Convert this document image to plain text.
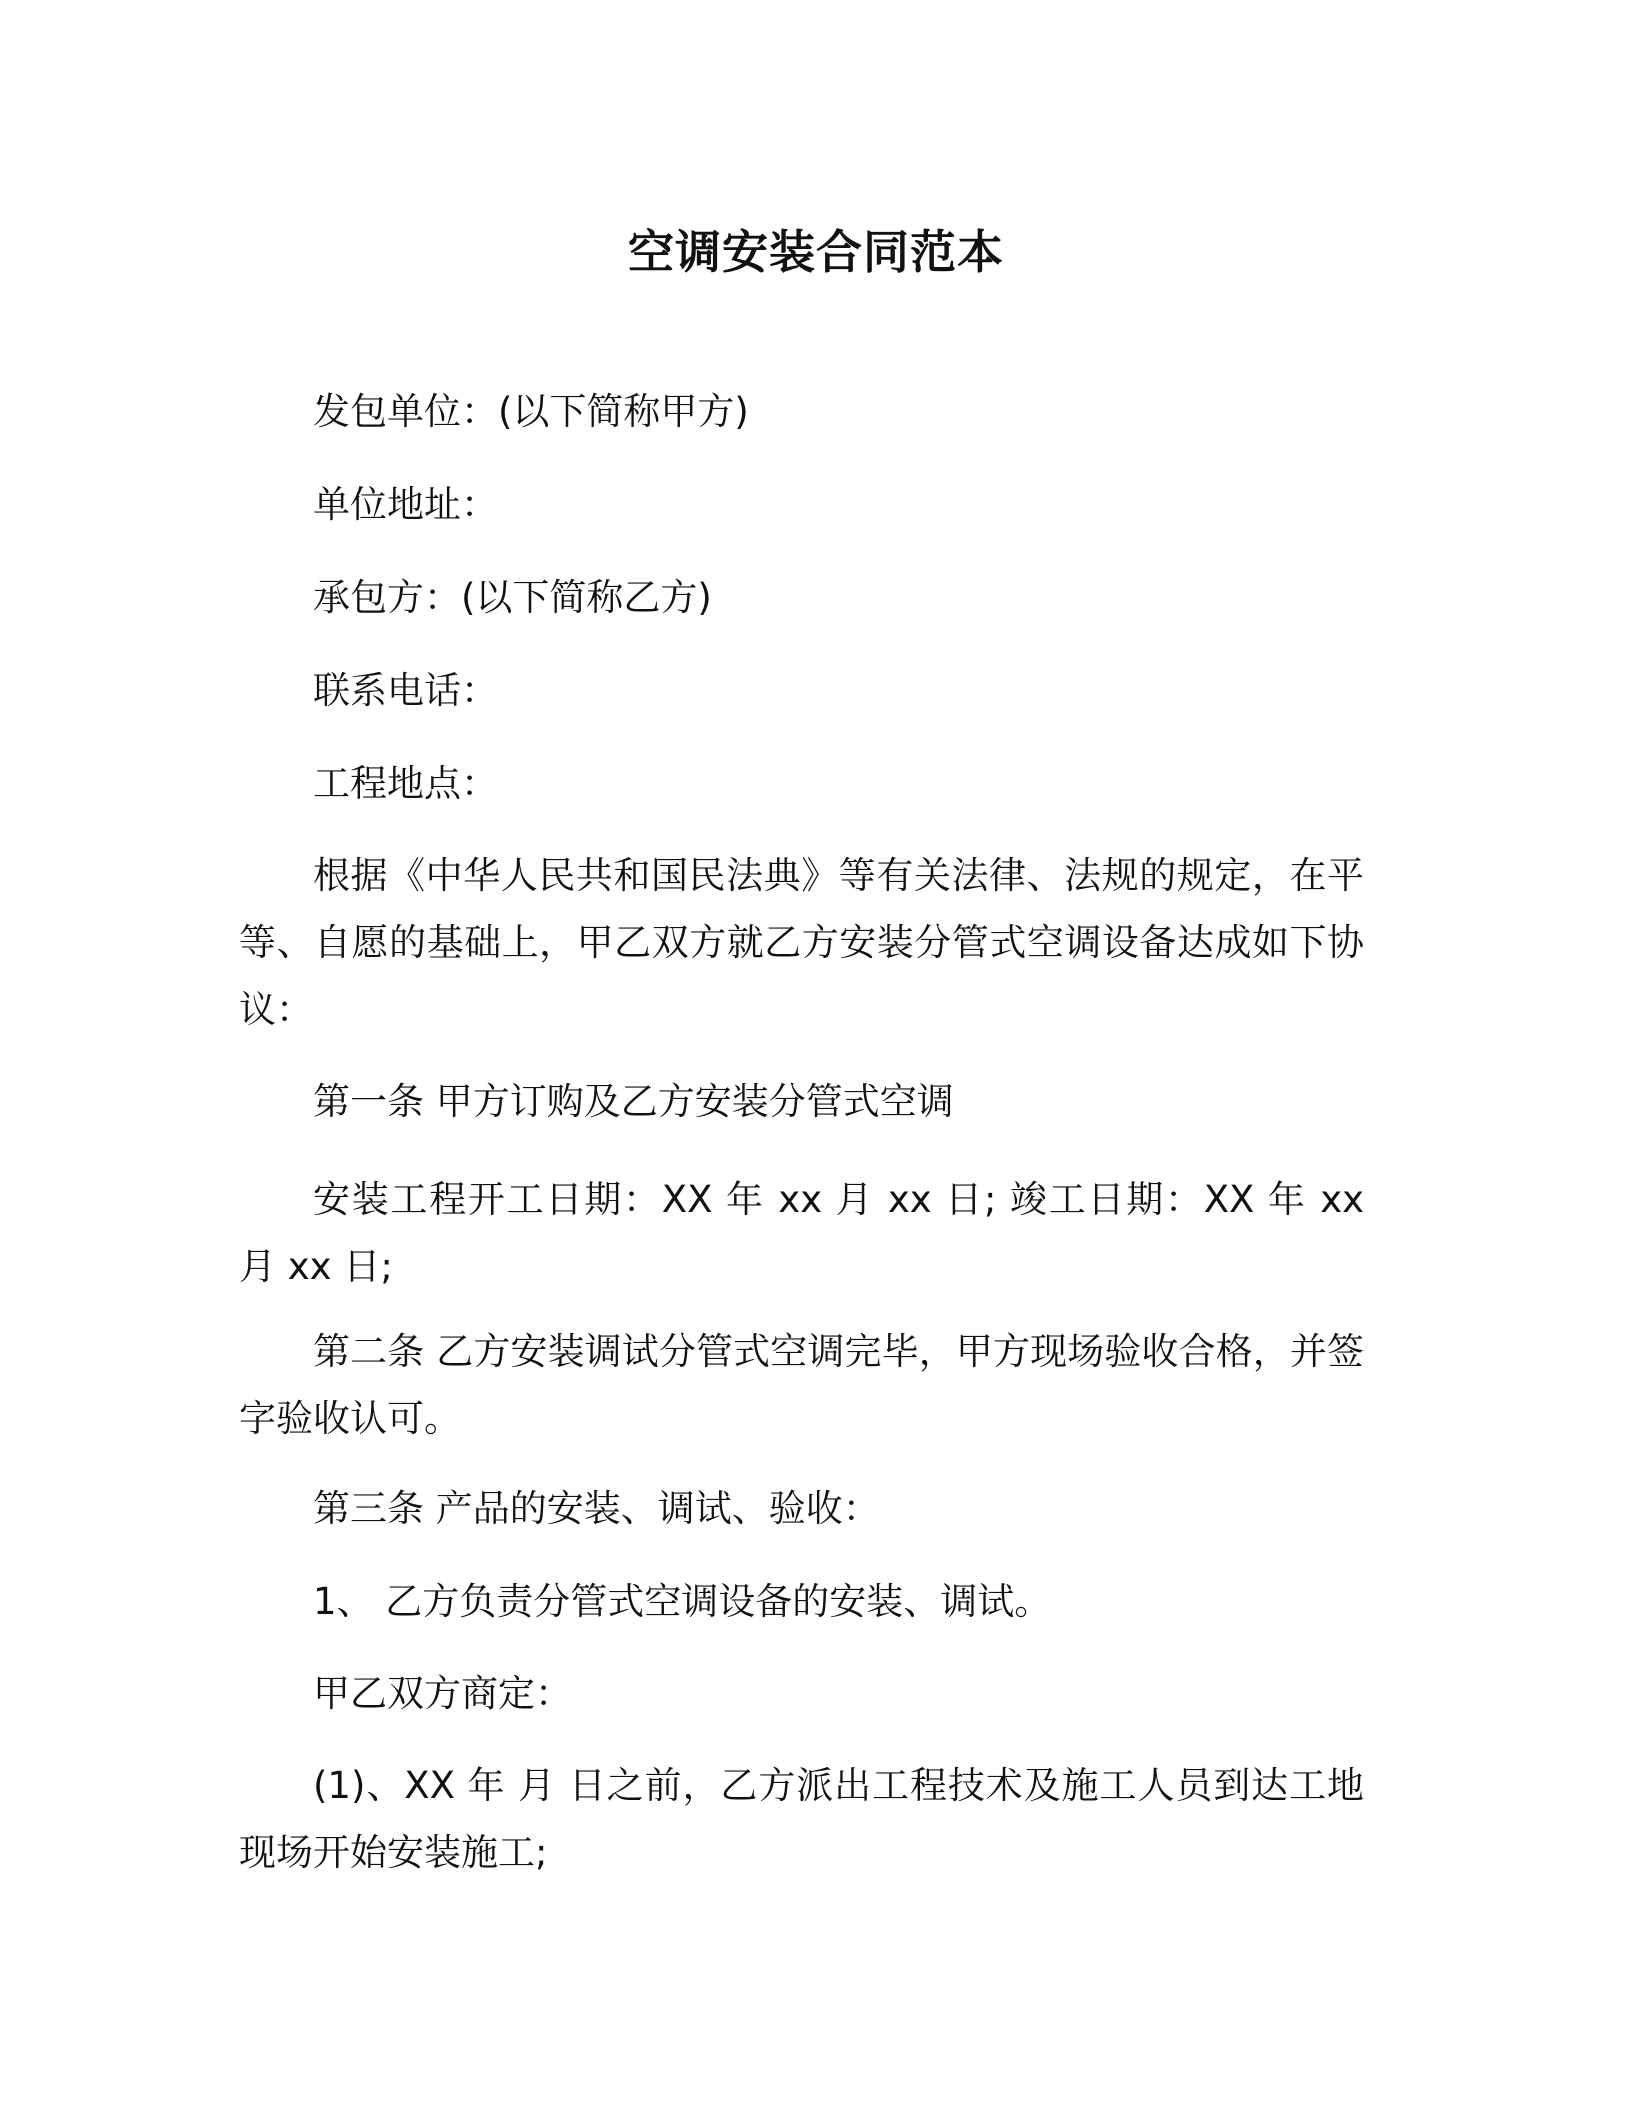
空调安装合同范本

发包单位：(以下简称甲方)

单位地址：

承包方：(以下简称乙方)

联系电话：

工程地点：

根据《中华人民共和国民法典》等有关法律、法规的规定，在平等、自愿的基础上，甲乙双方就乙方安装分管式空调设备达成如下协议：

第一条 甲方订购及乙方安装分管式空调

安装工程开工日期：XX 年 xx 月 xx 日; 竣工日期：XX 年 xx 月 xx 日;

第二条 乙方安装调试分管式空调完毕，甲方现场验收合格，并签字验收认可。

第三条 产品的安装、调试、验收：

1、 乙方负责分管式空调设备的安装、调试。

甲乙双方商定：

(1)、XX 年 月 日之前，乙方派出工程技术及施工人员到达工地现场开始安装施工;
